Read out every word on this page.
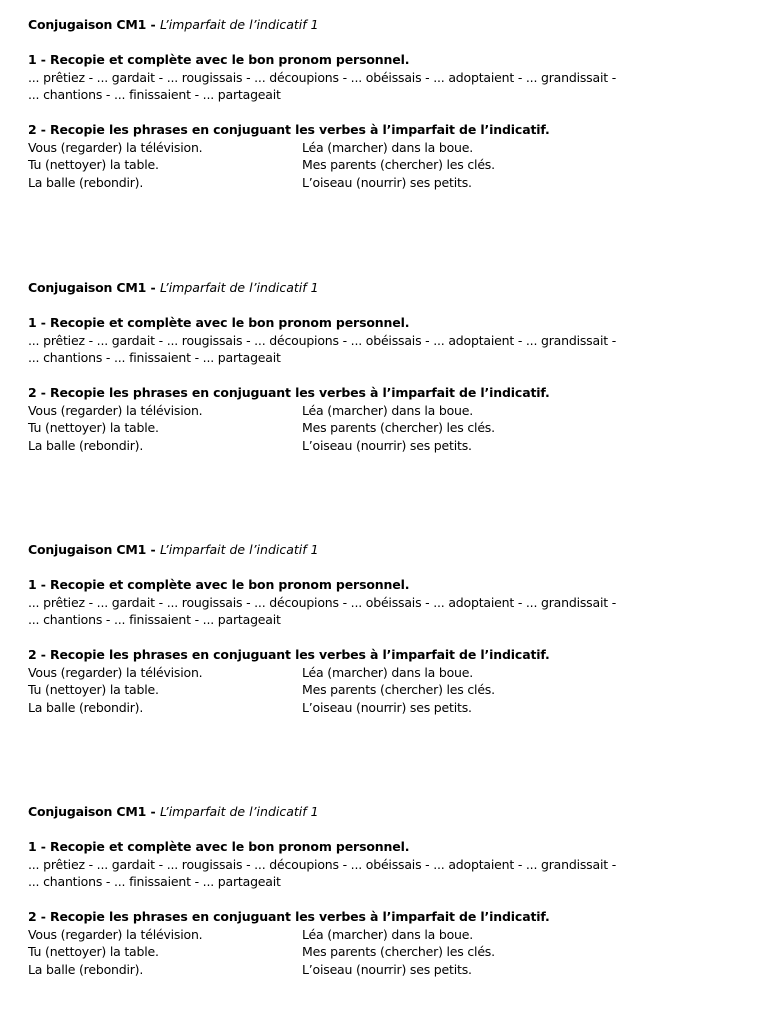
Conjugaison CM1 - L’imparfait de l’indicatif 1
1 - Recopie et complète avec le bon pronom personnel.
... prêtiez - ... gardait - ... rougissais - ... découpions - ... obéissais - ... adoptaient - ... grandissait -
... chantions - ... finissaient - ... partageait
2 - Recopie les phrases en conjuguant les verbes à l’imparfait de l’indicatif.
Vous (regarder) la télévision.	Léa (marcher) dans la boue.
Tu (nettoyer) la table.	Mes parents (chercher) les clés.
La balle (rebondir).	L’oiseau (nourrir) ses petits.
Conjugaison CM1 - L’imparfait de l’indicatif 1
1 - Recopie et complète avec le bon pronom personnel.
... prêtiez - ... gardait - ... rougissais - ... découpions - ... obéissais - ... adoptaient - ... grandissait -
... chantions - ... finissaient - ... partageait
2 - Recopie les phrases en conjuguant les verbes à l’imparfait de l’indicatif.
Vous (regarder) la télévision.	Léa (marcher) dans la boue.
Tu (nettoyer) la table.	Mes parents (chercher) les clés.
La balle (rebondir).	L’oiseau (nourrir) ses petits.
Conjugaison CM1 - L’imparfait de l’indicatif 1
1 - Recopie et complète avec le bon pronom personnel.
... prêtiez - ... gardait - ... rougissais - ... découpions - ... obéissais - ... adoptaient - ... grandissait -
... chantions - ... finissaient - ... partageait
2 - Recopie les phrases en conjuguant les verbes à l’imparfait de l’indicatif.
Vous (regarder) la télévision.	Léa (marcher) dans la boue.
Tu (nettoyer) la table.	Mes parents (chercher) les clés.
La balle (rebondir).	L’oiseau (nourrir) ses petits.
Conjugaison CM1 - L’imparfait de l’indicatif 1
1 - Recopie et complète avec le bon pronom personnel.
... prêtiez - ... gardait - ... rougissais - ... découpions - ... obéissais - ... adoptaient - ... grandissait -
... chantions - ... finissaient - ... partageait
2 - Recopie les phrases en conjuguant les verbes à l’imparfait de l’indicatif.
Vous (regarder) la télévision.	Léa (marcher) dans la boue.
Tu (nettoyer) la table.	Mes parents (chercher) les clés.
La balle (rebondir).	L’oiseau (nourrir) ses petits.
